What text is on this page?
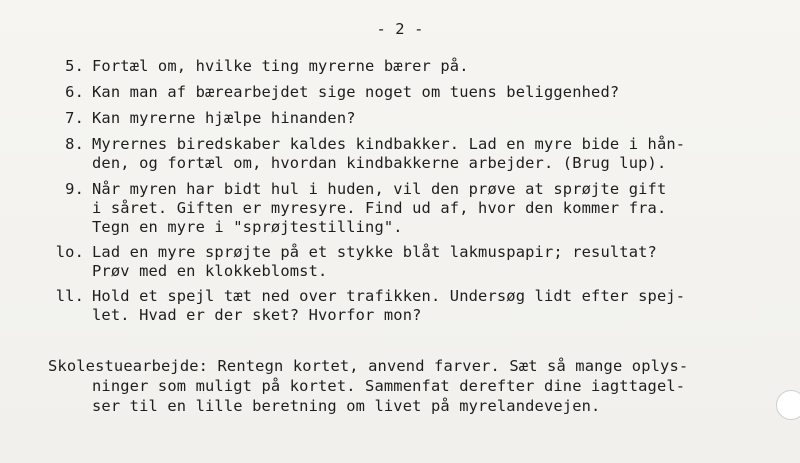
- 2 -
5. Fortæl om, hvilke ting myrerne bærer på.
6. Kan man af bærearbejdet sige noget om tuens beliggenhed?
7. Kan myrerne hjælpe hinanden?
8. Myrernes biredskaber kaldes kindbakker. Lad en myre bide i hån-
den, og fortæl om, hvordan kindbakkerne arbejder. (Brug lup).
9. Når myren har bidt hul i huden, vil den prøve at sprøjte gift
i såret. Giften er myresyre. Find ud af, hvor den kommer fra.
Tegn en myre i "sprøjtestilling".
lo. Lad en myre sprøjte på et stykke blåt lakmuspapir; resultat?
Prøv med en klokkeblomst.
ll. Hold et spejl tæt ned over trafikken. Undersøg lidt efter spej-
let. Hvad er der sket? Hvorfor mon?
Skolestuearbejde: Rentegn kortet, anvend farver. Sæt så mange oplys-
ninger som muligt på kortet. Sammenfat derefter dine iagttagel-
ser til en lille beretning om livet på myrelandevejen.
